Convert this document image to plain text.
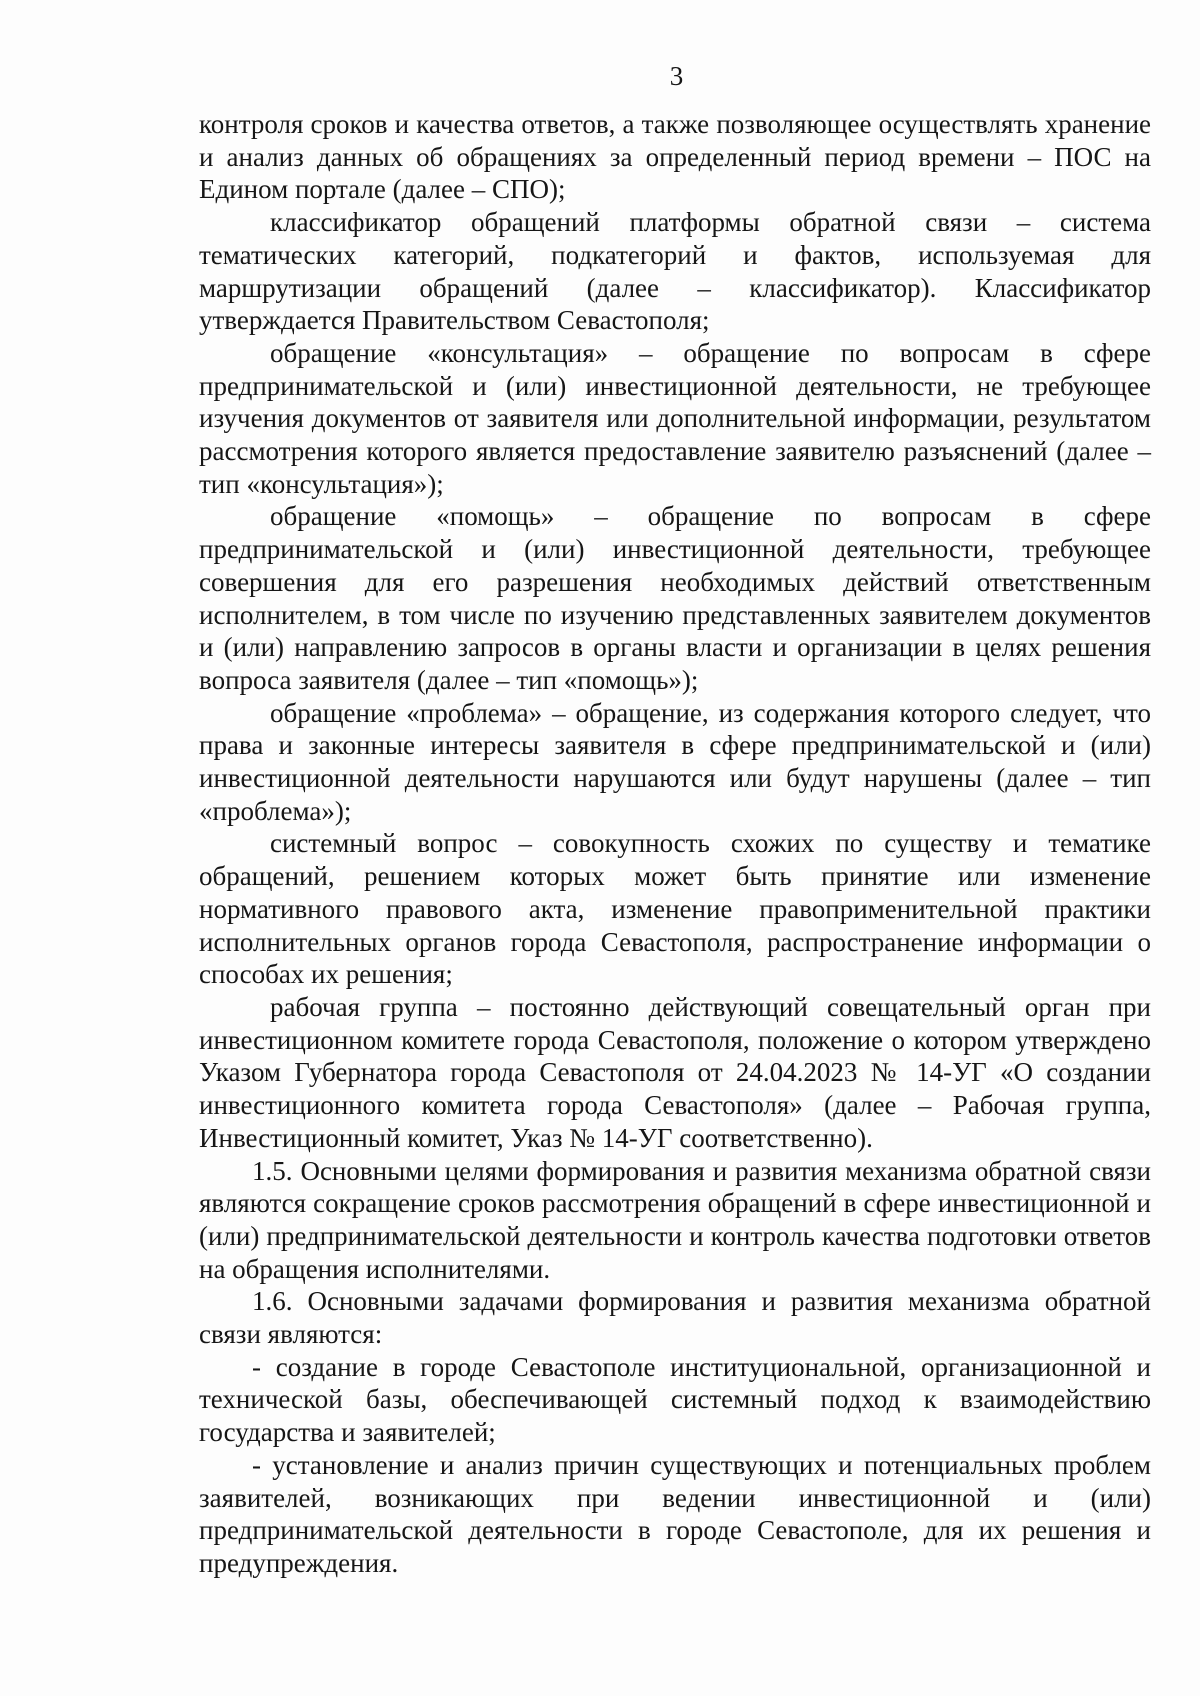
3

контроля сроков и качества ответов, а также позволяющее осуществлять хранение и анализ данных об обращениях за определенный период времени – ПОС на Едином портале (далее – СПО);

классификатор обращений платформы обратной связи – система тематических категорий, подкатегорий и фактов, используемая для маршрутизации обращений (далее – классификатор). Классификатор утверждается Правительством Севастополя;

обращение «консультация» – обращение по вопросам в сфере предпринимательской и (или) инвестиционной деятельности, не требующее изучения документов от заявителя или дополнительной информации, результатом рассмотрения которого является предоставление заявителю разъяснений (далее – тип «консультация»);

обращение «помощь» – обращение по вопросам в сфере предпринимательской и (или) инвестиционной деятельности, требующее совершения для его разрешения необходимых действий ответственным исполнителем, в том числе по изучению представленных заявителем документов и (или) направлению запросов в органы власти и организации в целях решения вопроса заявителя (далее – тип «помощь»);

обращение «проблема» – обращение, из содержания которого следует, что права и законные интересы заявителя в сфере предпринимательской и (или) инвестиционной деятельности нарушаются или будут нарушены (далее – тип «проблема»);

системный вопрос – совокупность схожих по существу и тематике обращений, решением которых может быть принятие или изменение нормативного правового акта, изменение правоприменительной практики исполнительных органов города Севастополя, распространение информации о способах их решения;

рабочая группа – постоянно действующий совещательный орган при инвестиционном комитете города Севастополя, положение о котором утверждено Указом Губернатора города Севастополя от 24.04.2023 № 14-УГ «О создании инвестиционного комитета города Севастополя» (далее – Рабочая группа, Инвестиционный комитет, Указ № 14-УГ соответственно).

1.5. Основными целями формирования и развития механизма обратной связи являются сокращение сроков рассмотрения обращений в сфере инвестиционной и (или) предпринимательской деятельности и контроль качества подготовки ответов на обращения исполнителями.

1.6. Основными задачами формирования и развития механизма обратной связи являются:

- создание в городе Севастополе институциональной, организационной и технической базы, обеспечивающей системный подход к взаимодействию государства и заявителей;

- установление и анализ причин существующих и потенциальных проблем заявителей, возникающих при ведении инвестиционной и (или) предпринимательской деятельности в городе Севастополе, для их решения и предупреждения.
